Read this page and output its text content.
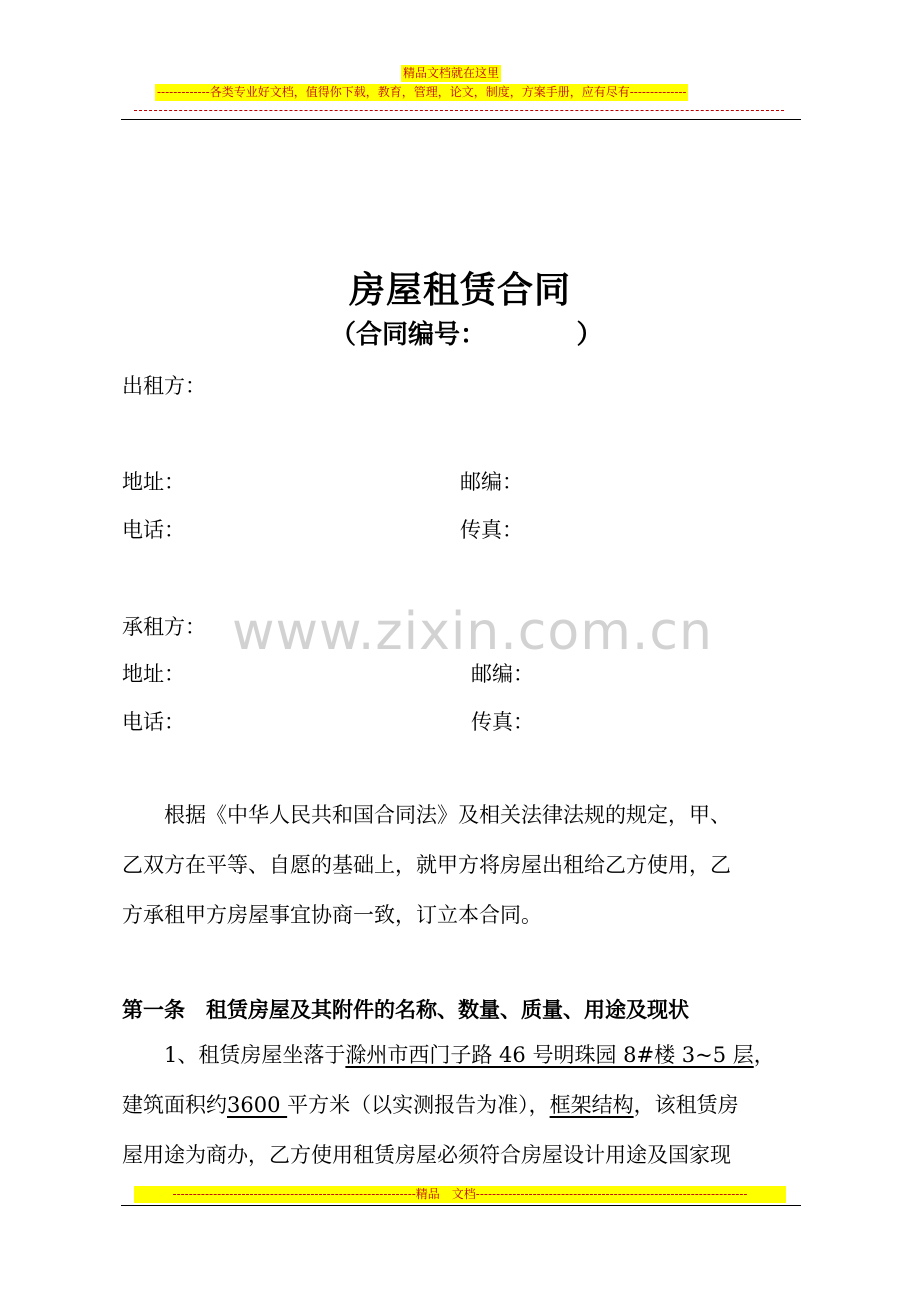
精品文档就在这里
-------------各类专业好文档，值得你下载，教育，管理，论文，制度，方案手册，应有尽有--------------
房屋租赁合同
（合同编号：          ）
出租方：
地址：	邮编：
电话：	传真：
www.zixin.com.cn
承租方：
地址：	邮编：
电话：	传真：
　　根据《中华人民共和国合同法》及相关法律法规的规定，甲、
乙双方在平等、自愿的基础上，就甲方将房屋出租给乙方使用，乙
方承租甲方房屋事宜协商一致，订立本合同。
第一条　租赁房屋及其附件的名称、数量、质量、用途及现状
　　1、租赁房屋坐落于滁州市西门子路 46 号明珠园 8#楼 3~5 层，
建筑面积约3600 平方米（以实测报告为准），框架结构，该租赁房
屋用途为商办，乙方使用租赁房屋必须符合房屋设计用途及国家现
------------------------------------------------------------精品　文档-------------------------------------------------------------------
